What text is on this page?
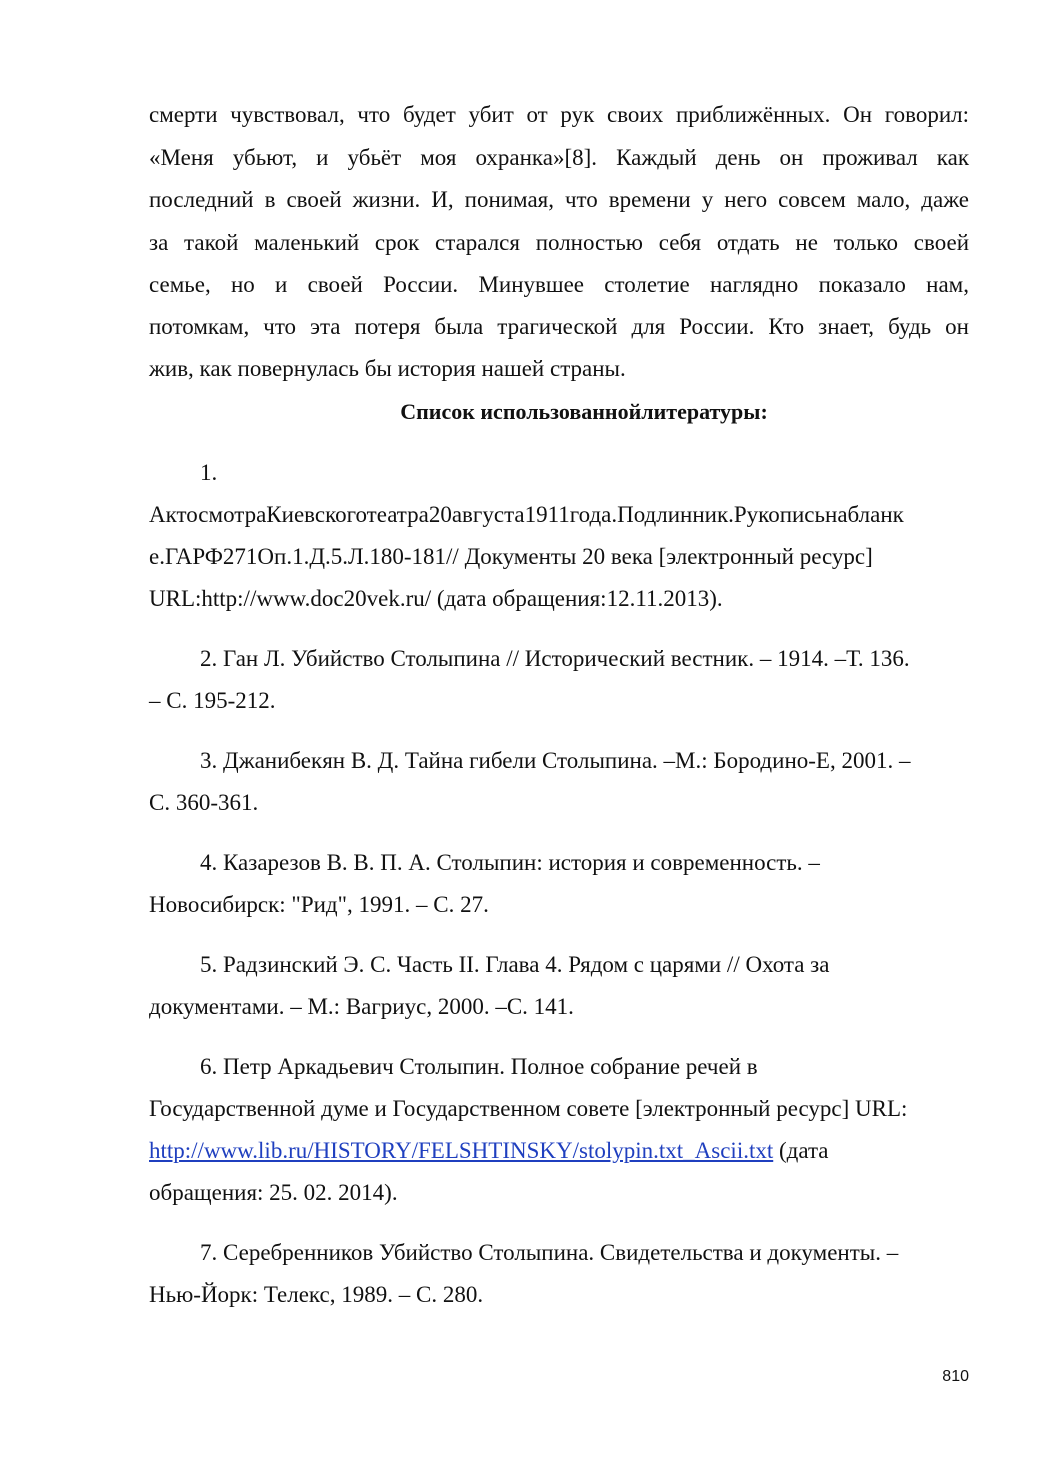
смерти чувствовал, что будет убит от рук своих приближённых. Он говорил:
«Меня убьют, и убьёт моя охранка»[8]. Каждый день он проживал как
последний в своей жизни. И, понимая, что времени у него совсем мало, даже
за такой маленький срок старался полностью себя отдать не только своей
семье, но и своей России. Минувшее столетие наглядно показало нам,
потомкам, что эта потеря была трагической для России. Кто знает, будь он
жив, как повернулась бы история нашей страны.
Список использованнойлитературы:
1.
АктосмотраКиевскоготеатра20августа1911года.Подлинник.Рукописьнабланк
е.ГАРФ271Оп.1.Д.5.Л.180-181// Документы 20 века [электронный ресурс]
URL:http://www.doc20vek.ru/ (дата обращения:12.11.2013).
2. Ган Л. Убийство Столыпина // Исторический вестник. – 1914. –Т. 136.
– С. 195-212.
3. Джанибекян В. Д. Тайна гибели Столыпина. –М.: Бородино-Е, 2001. –
С. 360-361.
4. Казарезов В. В. П. А. Столыпин: история и современность. –
Новосибирск: "Рид", 1991. – С. 27.
5. Радзинский Э. С. Часть II. Глава 4. Рядом с царями // Охота за
документами. – М.: Вагриус, 2000. –С. 141.
6. Петр Аркадьевич Столыпин. Полное собрание речей в
Государственной думе и Государственном совете [электронный ресурс] URL:
http://www.lib.ru/HISTORY/FELSHTINSKY/stolypin.txt_Ascii.txt (дата
обращения: 25. 02. 2014).
7. Серебренников Убийство Столыпина. Свидетельства и документы. –
Нью-Йорк: Телекс, 1989. – С. 280.
810
